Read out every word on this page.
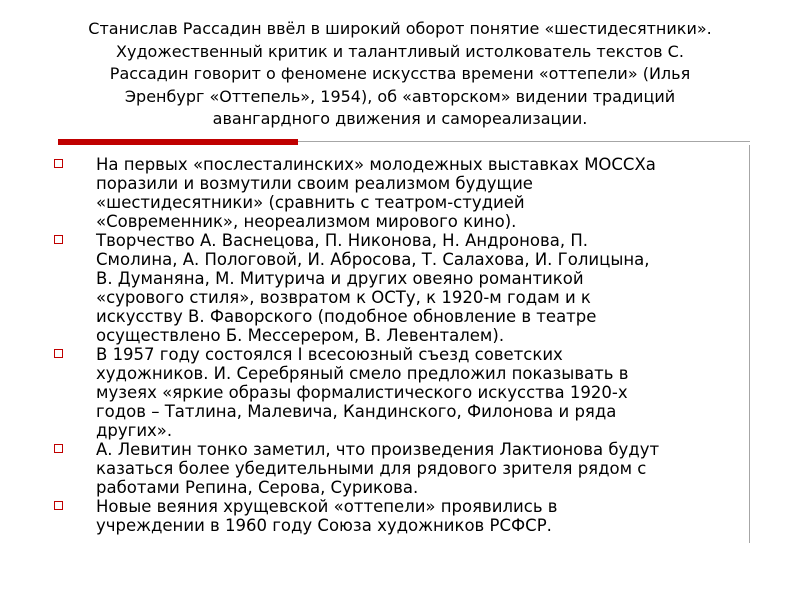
Станислав Рассадин ввёл в широкий оборот понятие «шестидесятники».
Художественный критик и талантливый истолкователь текстов С.
Рассадин говорит о феномене искусства времени «оттепели» (Илья
Эренбург «Оттепель», 1954), об «авторском» видении традиций
авангардного движения и самореализации.
На первых «послесталинских» молодежных выставках МОССХа
поразили и возмутили своим реализмом будущие
«шестидесятники» (сравнить с театром-студией
«Современник», неореализмом мирового кино).
Творчество А. Васнецова, П. Никонова, Н. Андронова, П.
Смолина, А. Пологовой, И. Абросова, Т. Салахова, И. Голицына,
В. Думаняна, М. Митурича и других овеяно романтикой
«сурового стиля», возвратом к ОСТу, к 1920-м годам и к
искусству В. Фаворского (подобное обновление в театре
осуществлено Б. Мессерером, В. Левенталем).
В 1957 году состоялся I всесоюзный съезд советских
художников. И. Серебряный смело предложил показывать в
музеях «яркие образы формалистического искусства 1920-х
годов – Татлина, Малевича, Кандинского, Филонова и ряда
других».
А. Левитин тонко заметил, что произведения Лактионова будут
казаться более убедительными для рядового зрителя рядом с
работами Репина, Серова, Сурикова.
Новые веяния хрущевской «оттепели» проявились в
учреждении в 1960 году Союза художников РСФСР.
